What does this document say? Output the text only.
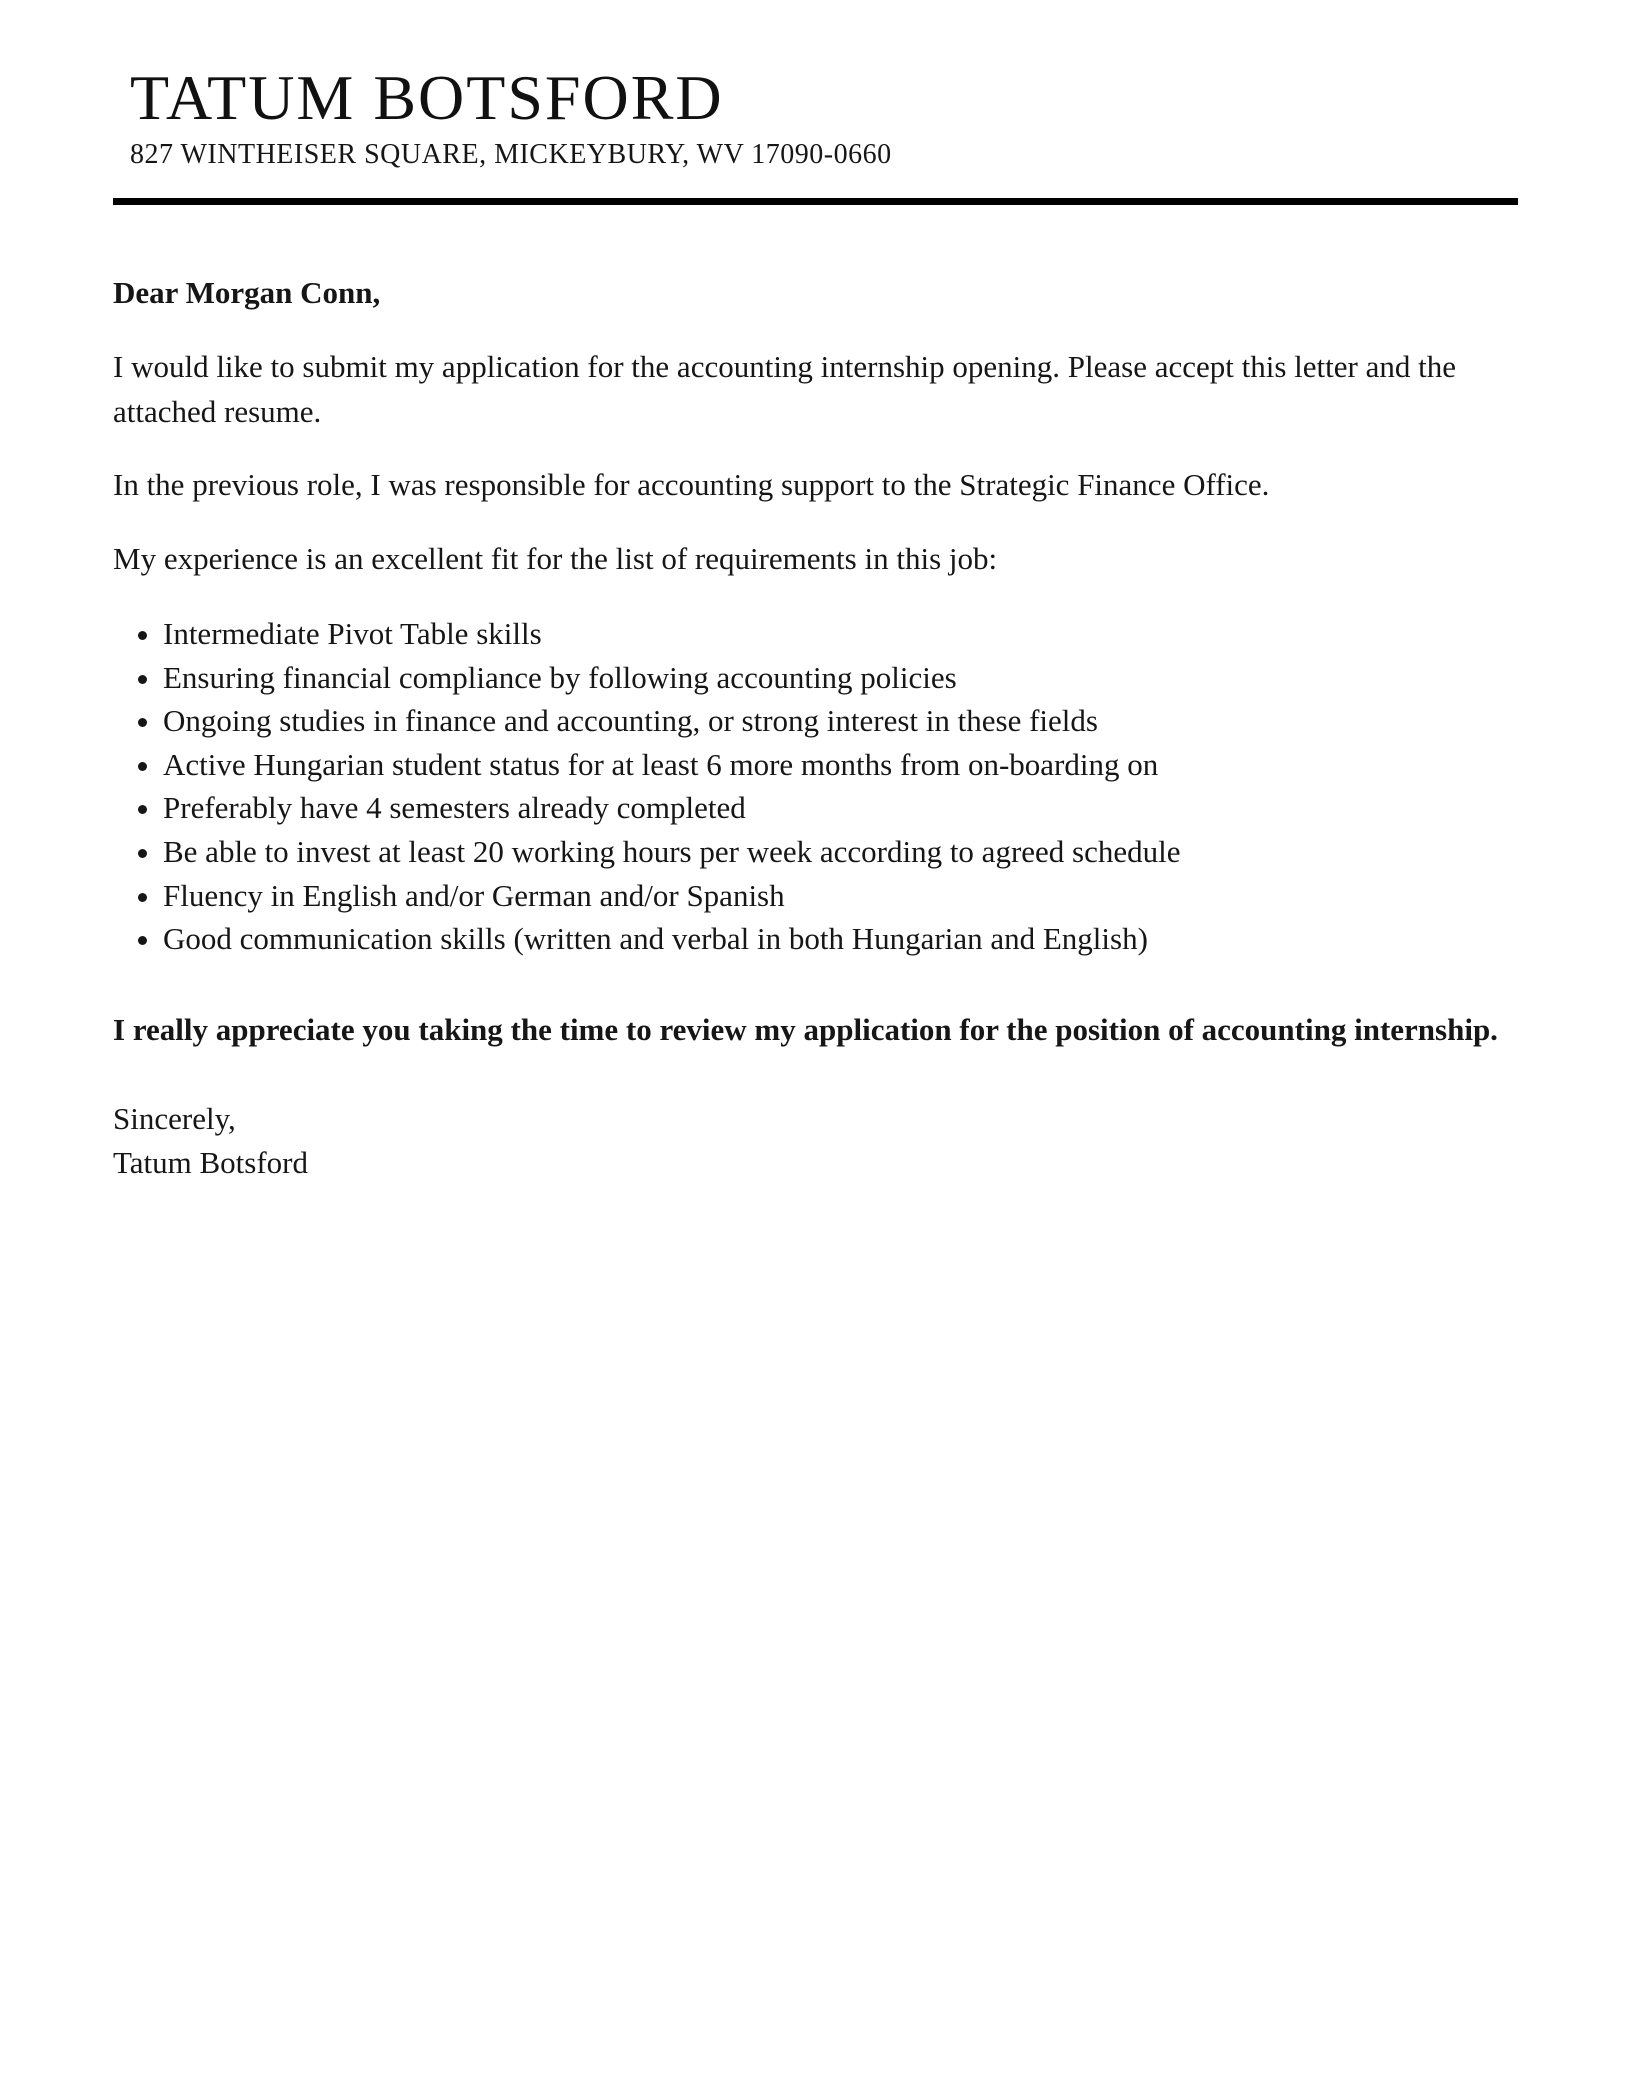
TATUM BOTSFORD
827 WINTHEISER SQUARE, MICKEYBURY, WV 17090-0660

Dear Morgan Conn,

I would like to submit my application for the accounting internship opening. Please accept this letter and the attached resume.

In the previous role, I was responsible for accounting support to the Strategic Finance Office.

My experience is an excellent fit for the list of requirements in this job:

• Intermediate Pivot Table skills
• Ensuring financial compliance by following accounting policies
• Ongoing studies in finance and accounting, or strong interest in these fields
• Active Hungarian student status for at least 6 more months from on-boarding on
• Preferably have 4 semesters already completed
• Be able to invest at least 20 working hours per week according to agreed schedule
• Fluency in English and/or German and/or Spanish
• Good communication skills (written and verbal in both Hungarian and English)

I really appreciate you taking the time to review my application for the position of accounting internship.

Sincerely,
Tatum Botsford
